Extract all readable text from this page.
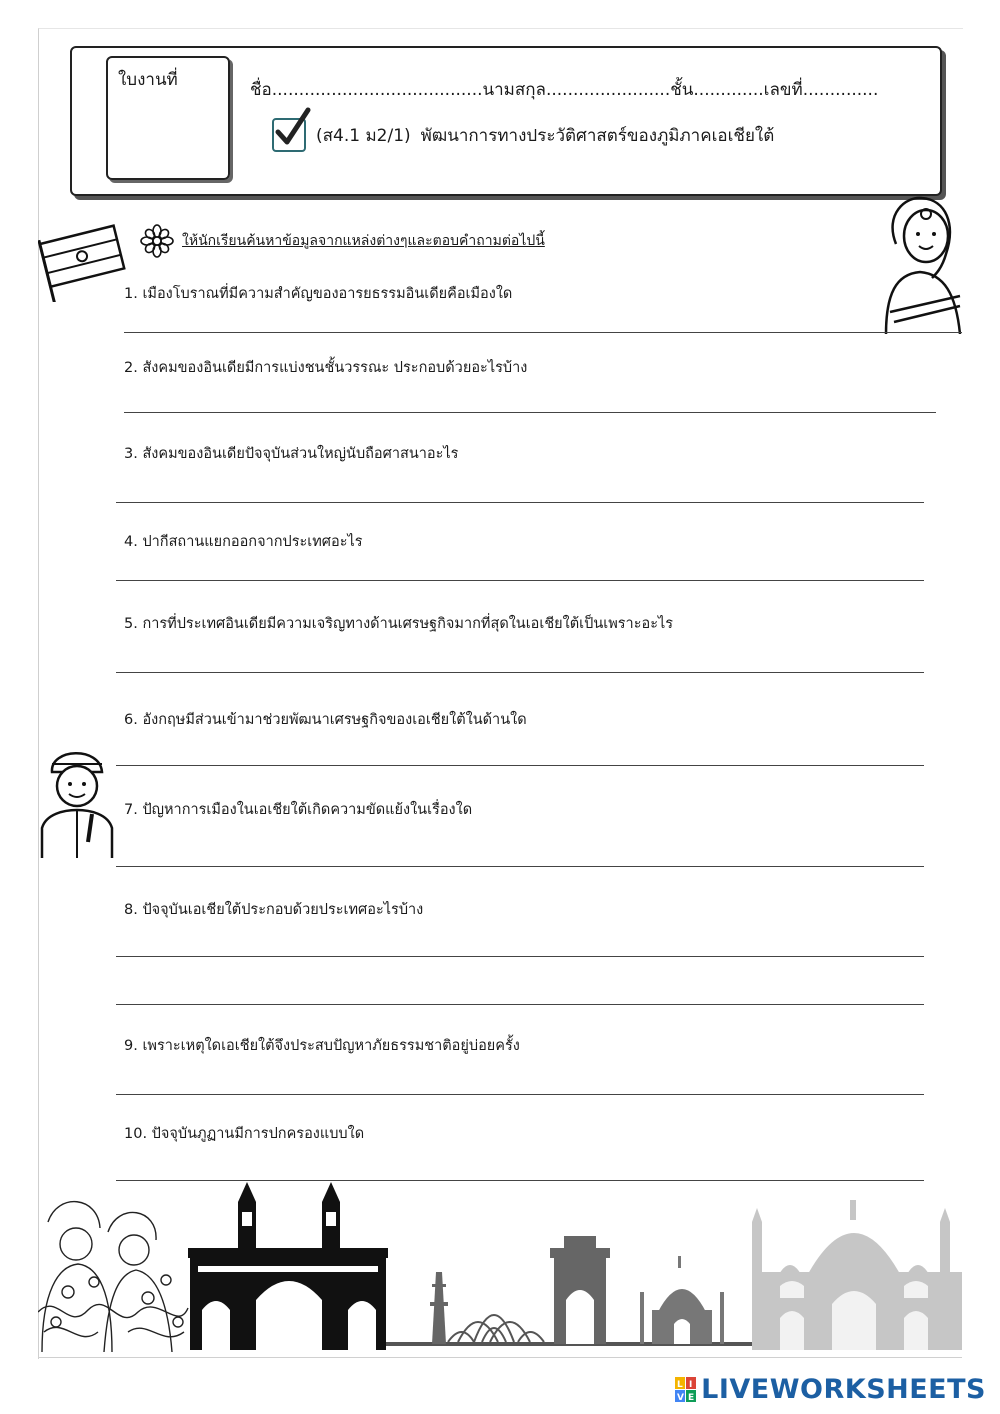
ใบงานที่	ชื่อ.......................................นามสกุล.......................ชั้น.............เลขที่..............
(ส4.1 ม2/1) พัฒนาการทางประวัติศาสตร์ของภูมิภาคเอเชียใต้
ให้นักเรียนค้นหาข้อมูลจากแหล่งต่างๆและตอบคำถามต่อไปนี้
1. เมืองโบราณที่มีความสำคัญของอารยธรรมอินเดียคือเมืองใด
2. สังคมของอินเดียมีการแบ่งชนชั้นวรรณะ ประกอบด้วยอะไรบ้าง
3. สังคมของอินเดียปัจจุบันส่วนใหญ่นับถือศาสนาอะไร
4. ปากีสถานแยกออกจากประเทศอะไร
5. การที่ประเทศอินเดียมีความเจริญทางด้านเศรษฐกิจมากที่สุดในเอเชียใต้เป็นเพราะอะไร
6. อังกฤษมีส่วนเข้ามาช่วยพัฒนาเศรษฐกิจของเอเชียใต้ในด้านใด
7. ปัญหาการเมืองในเอเชียใต้เกิดความขัดแย้งในเรื่องใด
8. ปัจจุบันเอเชียใต้ประกอบด้วยประเทศอะไรบ้าง
9. เพราะเหตุใดเอเชียใต้จึงประสบปัญหาภัยธรรมชาติอยู่บ่อยครั้ง
10. ปัจจุบันภูฏานมีการปกครองแบบใด
L I
V E LIVEWORKSHEETS
